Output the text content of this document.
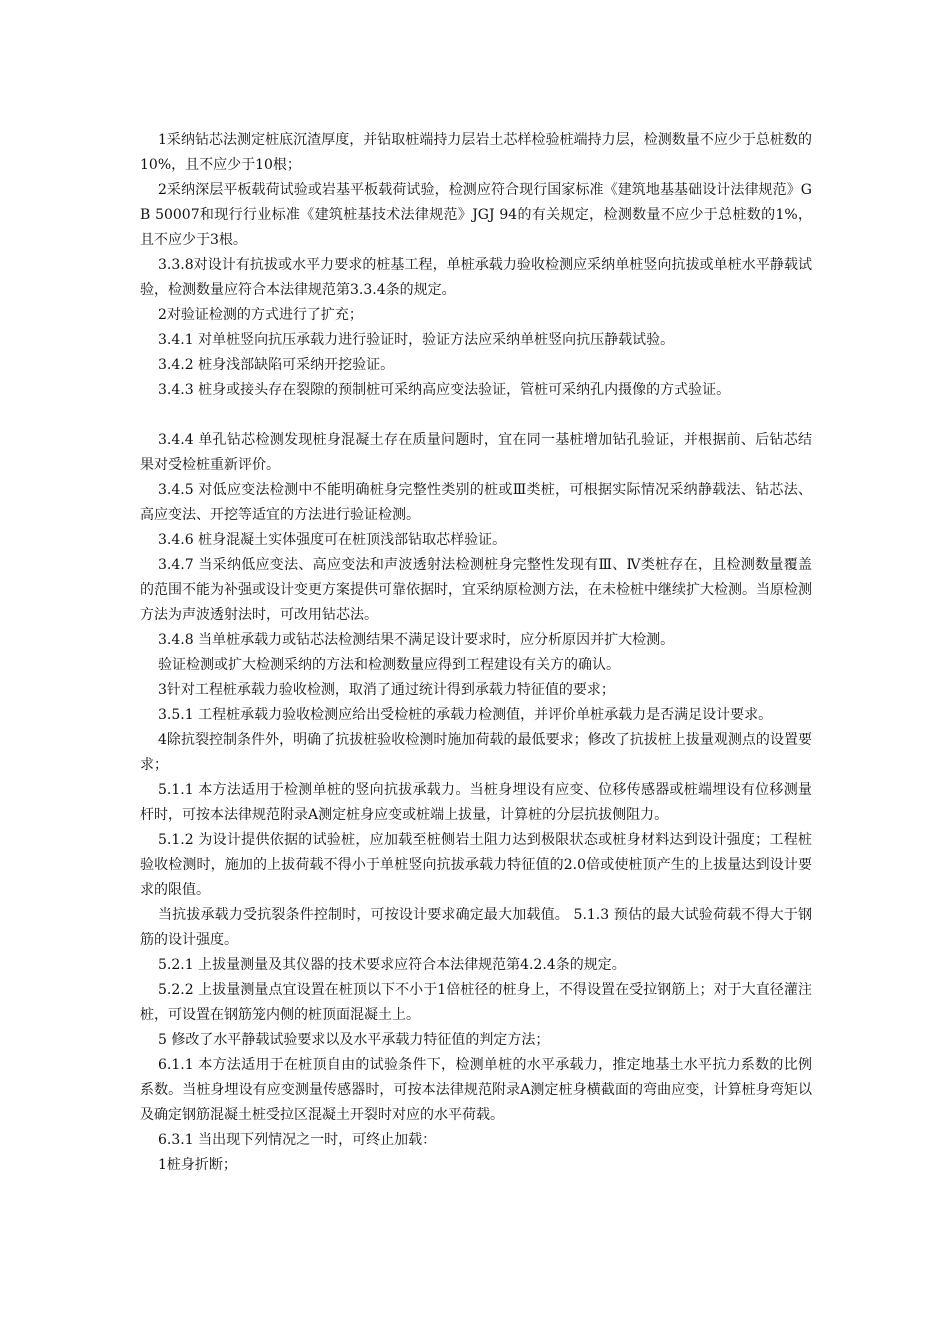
1采纳钻芯法测定桩底沉渣厚度，并钻取桩端持力层岩土芯样检验桩端持力层，检测数量不应少于总桩数的10%，且不应少于10根；

2采纳深层平板载荷试验或岩基平板载荷试验，检测应符合现行国家标准《建筑地基基础设计法律规范》GB 50007和现行行业标准《建筑桩基技术法律规范》JGJ 94的有关规定，检测数量不应少于总桩数的1%，且不应少于3根。

3.3.8对设计有抗拔或水平力要求的桩基工程，单桩承载力验收检测应采纳单桩竖向抗拔或单桩水平静载试验，检测数量应符合本法律规范第3.3.4条的规定。

2对验证检测的方式进行了扩充；

3.4.1 对单桩竖向抗压承载力进行验证时，验证方法应采纳单桩竖向抗压静载试验。

3.4.2 桩身浅部缺陷可采纳开挖验证。

3.4.3 桩身或接头存在裂隙的预制桩可采纳高应变法验证，管桩可采纳孔内摄像的方式验证。

3.4.4 单孔钻芯检测发现桩身混凝土存在质量问题时，宜在同一基桩增加钻孔验证，并根据前、后钻芯结果对受检桩重新评价。

3.4.5 对低应变法检测中不能明确桩身完整性类别的桩或Ⅲ类桩，可根据实际情况采纳静载法、钻芯法、高应变法、开挖等适宜的方法进行验证检测。

3.4.6 桩身混凝土实体强度可在桩顶浅部钻取芯样验证。

3.4.7 当采纳低应变法、高应变法和声波透射法检测桩身完整性发现有Ⅲ、Ⅳ类桩存在，且检测数量覆盖的范围不能为补强或设计变更方案提供可靠依据时，宜采纳原检测方法，在未检桩中继续扩大检测。当原检测方法为声波透射法时，可改用钻芯法。

3.4.8 当单桩承载力或钻芯法检测结果不满足设计要求时，应分析原因并扩大检测。

验证检测或扩大检测采纳的方法和检测数量应得到工程建设有关方的确认。

3针对工程桩承载力验收检测，取消了通过统计得到承载力特征值的要求；

3.5.1 工程桩承载力验收检测应给出受检桩的承载力检测值，并评价单桩承载力是否满足设计要求。

4除抗裂控制条件外，明确了抗拔桩验收检测时施加荷载的最低要求；修改了抗拔桩上拔量观测点的设置要求；

5.1.1 本方法适用于检测单桩的竖向抗拔承载力。当桩身埋设有应变、位移传感器或桩端埋设有位移测量杆时，可按本法律规范附录A测定桩身应变或桩端上拔量，计算桩的分层抗拔侧阻力。

5.1.2 为设计提供依据的试验桩，应加载至桩侧岩土阻力达到极限状态或桩身材料达到设计强度；工程桩验收检测时，施加的上拔荷载不得小于单桩竖向抗拔承载力特征值的2.0倍或使桩顶产生的上拔量达到设计要求的限值。

当抗拔承载力受抗裂条件控制时，可按设计要求确定最大加载值。 5.1.3 预估的最大试验荷载不得大于钢筋的设计强度。

5.2.1 上拔量测量及其仪器的技术要求应符合本法律规范第4.2.4条的规定。

5.2.2 上拔量测量点宜设置在桩顶以下不小于1倍桩径的桩身上，不得设置在受拉钢筋上；对于大直径灌注桩，可设置在钢筋笼内侧的桩顶面混凝土上。

5 修改了水平静载试验要求以及水平承载力特征值的判定方法；

6.1.1 本方法适用于在桩顶自由的试验条件下，检测单桩的水平承载力，推定地基土水平抗力系数的比例系数。当桩身埋设有应变测量传感器时，可按本法律规范附录A测定桩身横截面的弯曲应变，计算桩身弯矩以及确定钢筋混凝土桩受拉区混凝土开裂时对应的水平荷载。

6.3.1 当出现下列情况之一时，可终止加载：

1桩身折断；
